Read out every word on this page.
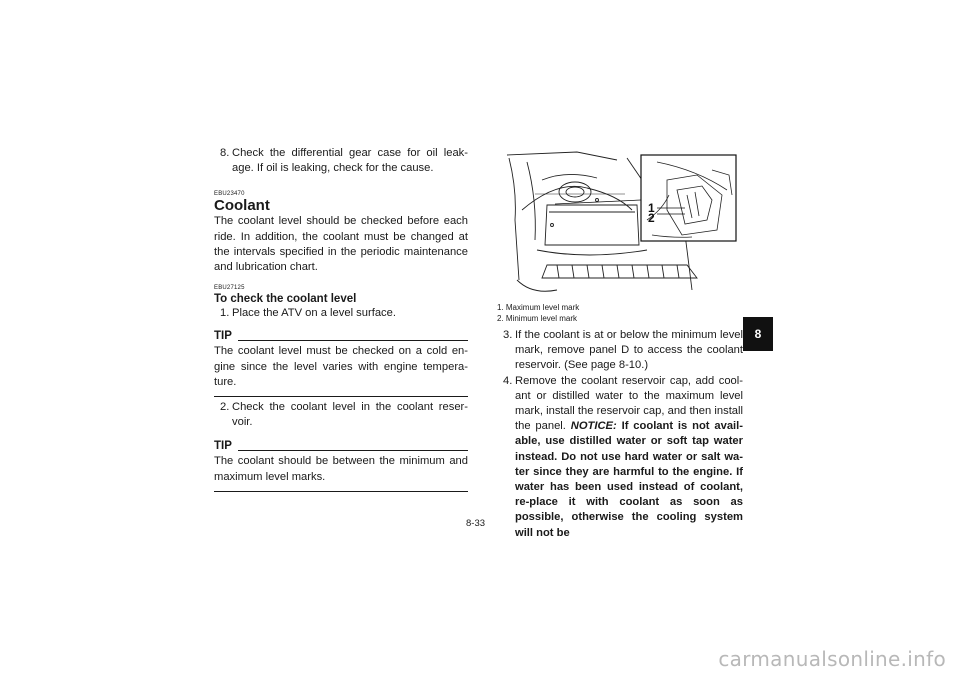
8. Check the differential gear case for oil leak-age. If oil is leaking, check for the cause.

EBU23470

Coolant

The coolant level should be checked before each ride. In addition, the coolant must be changed at the intervals specified in the periodic maintenance and lubrication chart.

EBU27125

To check the coolant level
1. Place the ATV on a level surface.
TIP

The coolant level must be checked on a cold en-gine since the level varies with engine tempera-ture.

2. Check the coolant level in the coolant reser-voir.
TIP

The coolant should be between the minimum and maximum level marks.

1
2

1. Maximum level mark

2. Minimum level mark

3. If the coolant is at or below the minimum level mark, remove panel D to access the coolant reservoir. (See page 8-10.)
4. Remove the coolant reservoir cap, add cool-ant or distilled water to the maximum level mark, install the reservoir cap, and then install the panel. NOTICE: If coolant is not avail-able, use distilled water or soft tap water instead. Do not use hard water or salt wa-ter since they are harmful to the engine. If water has been used instead of coolant, re-place it with coolant as soon as possible, otherwise the cooling system will not be
8
8-33
carmanualsonline.info
